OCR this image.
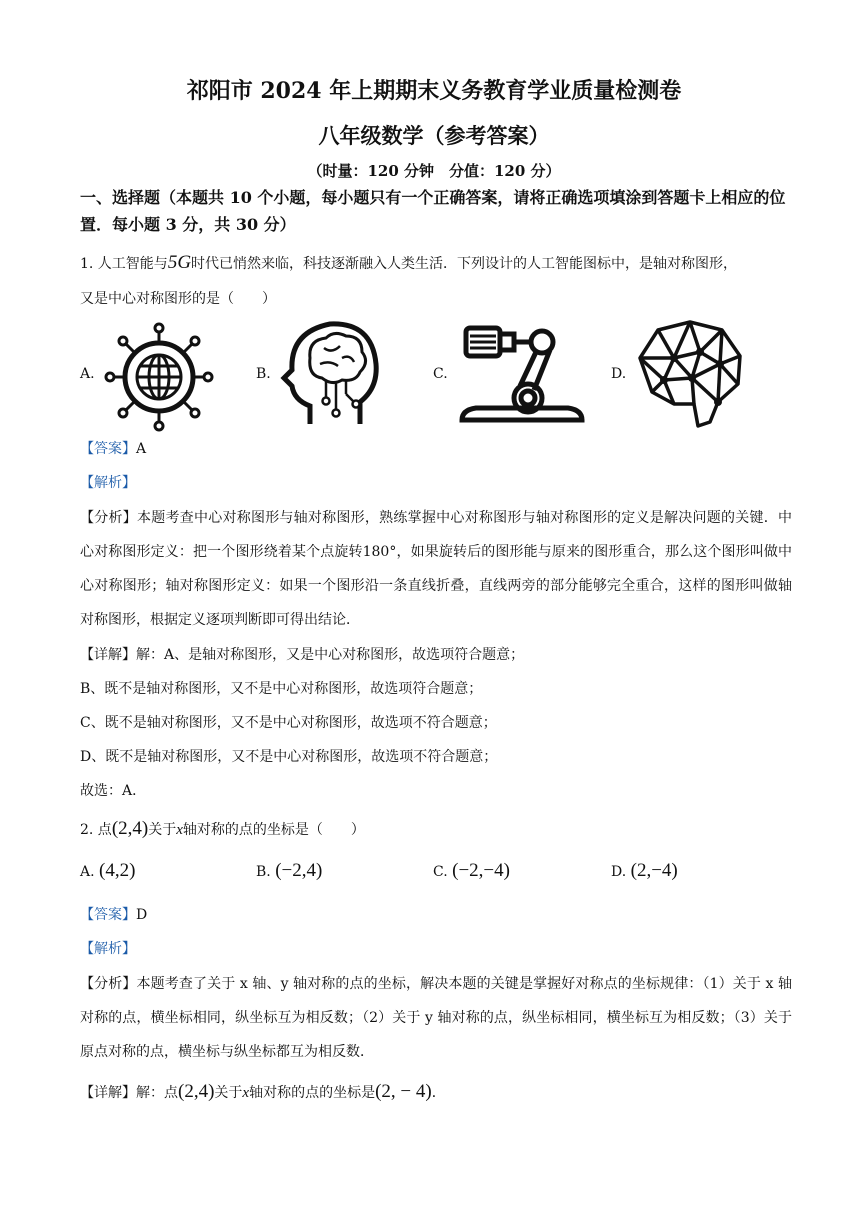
祁阳市 2024 年上期期末义务教育学业质量检测卷
八年级数学（参考答案）
（时量：120 分钟　分值：120 分）
一、选择题（本题共 10 个小题，每小题只有一个正确答案，请将正确选项填涂到答题卡上相应的位置．每小题 3 分，共 30 分）
1. 人工智能与5G时代已悄然来临，科技逐渐融入人类生活．下列设计的人工智能图标中，是轴对称图形，
又是中心对称图形的是（　　）
A.	B.	C.	D.
【答案】A
【解析】
【分析】本题考查中心对称图形与轴对称图形，熟练掌握中心对称图形与轴对称图形的定义是解决问题的关键．中心对称图形定义：把一个图形绕着某个点旋转180°，如果旋转后的图形能与原来的图形重合，那么这个图形叫做中心对称图形；轴对称图形定义：如果一个图形沿一条直线折叠，直线两旁的部分能够完全重合，这样的图形叫做轴对称图形，根据定义逐项判断即可得出结论．
【详解】解：A、是轴对称图形，又是中心对称图形，故选项符合题意；
B、既不是轴对称图形，又不是中心对称图形，故选项符合题意；
C、既不是轴对称图形，又不是中心对称图形，故选项不符合题意；
D、既不是轴对称图形，又不是中心对称图形，故选项不符合题意；
故选：A．
2. 点(2,4)关于x轴对称的点的坐标是（　　）
A. (4,2)	B. (−2,4)	C. (−2,−4)	D. (2,−4)
【答案】D
【解析】
【分析】本题考查了关于 x 轴、y 轴对称的点的坐标，解决本题的关键是掌握好对称点的坐标规律：（1）关于 x 轴对称的点，横坐标相同，纵坐标互为相反数；（2）关于 y 轴对称的点，纵坐标相同，横坐标互为相反数；（3）关于原点对称的点，横坐标与纵坐标都互为相反数．
【详解】解：点(2,4)关于x轴对称的点的坐标是(2, − 4)．
